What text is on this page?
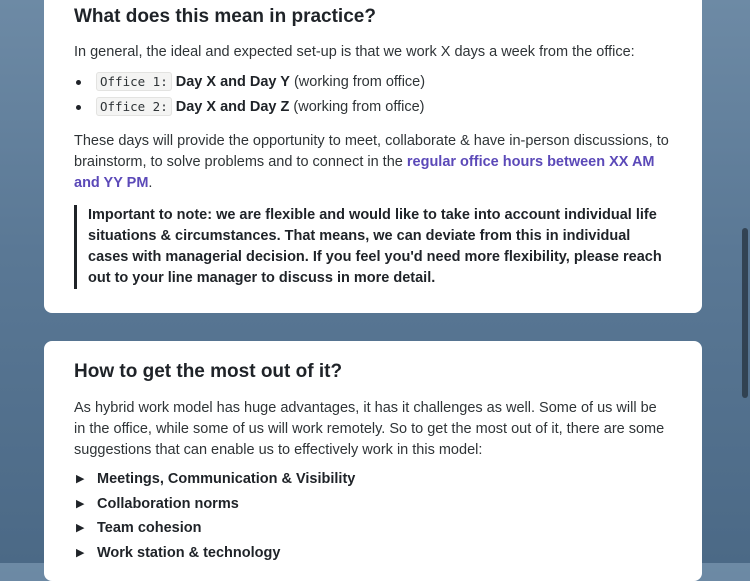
What does this mean in practice?

In general, the ideal and expected set-up is that we work X days a week from the office:

Office 1: Day X and Day Y (working from office)
Office 2: Day X and Day Z (working from office)

These days will provide the opportunity to meet, collaborate & have in-person discussions, to brainstorm, to solve problems and to connect in the regular office hours between XX AM and YY PM.

Important to note: we are flexible and would like to take into account individual life situations & circumstances. That means, we can deviate from this in individual cases with managerial decision. If you feel you'd need more flexibility, please reach out to your line manager to discuss in more detail.
How to get the most out of it?

As hybrid work model has huge advantages, it has it challenges as well. Some of us will be in the office, while some of us will work remotely. So to get the most out of it, there are some suggestions that can enable us to effectively work in this model:

▶ Meetings, Communication & Visibility
▶ Collaboration norms
▶ Team cohesion
▶ Work station & technology
